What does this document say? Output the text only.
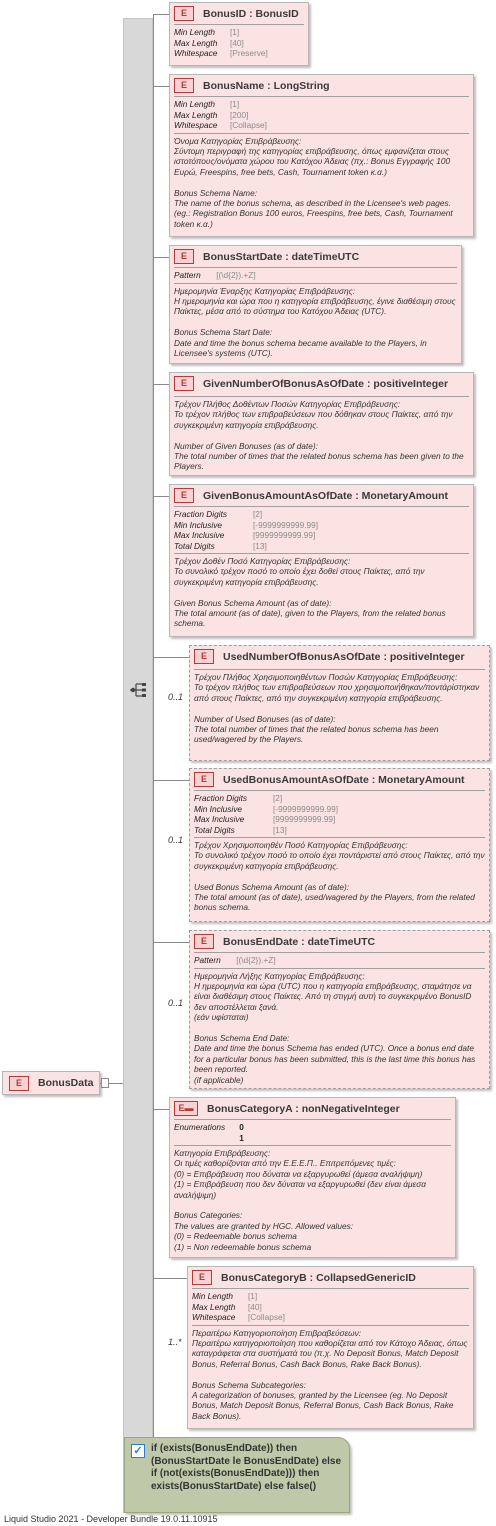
E	BonusData
0..1
0..1
0..1
1..*
E	BonusID : BonusID
Min Length	[1]
Max Length	[40]
Whitespace	[Preserve]
E	BonusName : LongString
Min Length	[1]
Max Length	[200]
Whitespace	[Collapse]
Όνομα Κατηγορίας Επιβράβευσης:
Σύντομη περιγραφή της κατηγορίας επιβράβευσης, όπως εμφανίζεται στους ιστοτόπους/ονόματα χώρου του Κατόχου Άδειας (πχ.: Bonus Εγγραφής 100 Ευρώ, Freespins, free bets, Cash, Tournament token κ.α.)

Bonus Schema Name:
The name of the bonus schema, as described in the Licensee's web pages. (eg.: Registration Bonus 100 euros, Freespins, free bets, Cash, Tournament token κ.α.)
E	BonusStartDate : dateTimeUTC
Pattern	[(\d{2}).+Z]
Ημερομηνία Έναρξης Κατηγορίας Επιβράβευσης:
Η ημερομηνία και ώρα που η κατηγορία επιβράβευσης, έγινε διαθέσιμη στους Παίκτες, μέσα από το σύστημα του Κατόχου Άδειας (UTC).

Bonus Schema Start Date:
Date and time the bonus schema became available to the Players, in Licensee's systems (UTC).
E	GivenNumberOfBonusAsOfDate : positiveInteger
Τρέχον Πλήθος Δοθέντων Ποσών Κατηγορίας Επιβράβευσης:
Το τρέχον πλήθος των επιβραβεύσεων που δόθηκαν στους Παίκτες, από την συγκεκριμένη κατηγορία επιβράβευσης.

Number of Given Bonuses (as of date):
The total number of times that the related bonus schema has been given to the Players.
E	GivenBonusAmountAsOfDate : MonetaryAmount
Fraction Digits	[2]
Min Inclusive	[-9999999999.99]
Max Inclusive	[9999999999.99]
Total Digits	[13]
Τρέχον Δοθέν Ποσό Κατηγορίας Επιβράβευσης:
Το συνολικό τρέχον ποσό το οποίο έχει δοθεί στους Παίκτες, από την συγκεκριμένη κατηγορία επιβράβευσης.

Given Bonus Schema Amount (as of date):
The total amount (as of date), given to the Players, from the related bonus schema.
E	UsedNumberOfBonusAsOfDate : positiveInteger
Τρέχον Πλήθος Χρησιμοποιηθέντων Ποσών Κατηγορίας Επιβράβευσης:
Το τρέχον πλήθος των επιβραβεύσεων που χρησιμοποιήθηκαν/ποντάρίστηκαν από στους Παίκτες, από την συγκεκριμένη κατηγορία επιβράβευσης.

Number of Used Bonuses (as of date):
The total number of times that the related bonus schema has been used/wagered by the Players.
E	UsedBonusAmountAsOfDate : MonetaryAmount
Fraction Digits	[2]
Min Inclusive	[-9999999999.99]
Max Inclusive	[9999999999.99]
Total Digits	[13]
Τρέχον Χρησιμοποιηθέν Ποσό Κατηγορίας Επιβράβευσης:
Το συνολικό τρέχον ποσό το οποίο έχει ποντάριστεί από στους Παίκτες, από την συγκεκριμένη κατηγορία επιβράβευσης.

Used Bonus Schema Amount (as of date):
The total amount (as of date), used/wagered by the Players, from the related bonus schema.
E	BonusEndDate : dateTimeUTC
Pattern	[(\d{2}).+Z]
Ημερομηνία Λήξης Κατηγορίας Επιβράβευσης:
Η ημερομηνία και ώρα (UTC) που η κατηγορία επιβράβευσης, σταμάτησε να είναι διαθέσιμη στους Παίκτες. Από τη στιγμή αυτή το συγκεκριμένο BonusID δεν αποστέλλεται ξανά.
(εάν υφίσταται)

Bonus Schema End Date:
Date and time the bonus Schema has ended (UTC). Once a bonus end date for a particular bonus has been submitted, this is the last time this bonus has been reported.
(if applicable)
E▬	BonusCategoryA : nonNegativeInteger
Enumerations	0
1
Κατηγορία Επιβράβευσης:
Οι τιμές καθορίζονται από την Ε.Ε.Ε.Π.. Επιτρεπόμενες τιμές:
(0) = Επιβράβευση που δύναται να εξαργυρωθεί (άμεσα αναλήψιμη)
(1) = Επιβράβευση που δεν δύναται να εξαργυρωθεί (δεν είναι άμεσα αναλήψιμη)

Bonus Categories:
The values are granted by HGC. Allowed values:
(0) = Redeemable bonus schema
(1) = Non redeemable bonus schema
E	BonusCategoryB : CollapsedGenericID
Min Length	[1]
Max Length	[40]
Whitespace	[Collapse]
Περαιτέρω Κατηγοριοποίηση Επιβραβεύσεων:
Περαιτέρω κατηγοριοποίηση που καθορίζεται από τον Κάτοχο Άδειας, όπως καταγράφεται στα συστήματά του (π.χ. No Deposit Bonus, Match Deposit Bonus, Referral Bonus, Cash Back Bonus, Rake Back Bonus).

Bonus Schema Subcategories:
A categorization of bonuses, granted by the Licensee (eg. No Deposit Bonus, Match Deposit Bonus, Referral Bonus, Cash Back Bonus, Rake Back Bonus).
✓ if (exists(BonusEndDate)) then (BonusStartDate le BonusEndDate) else if (not(exists(BonusEndDate))) then exists(BonusStartDate) else false()
Liquid Studio 2021 - Developer Bundle 19.0.11.10915
